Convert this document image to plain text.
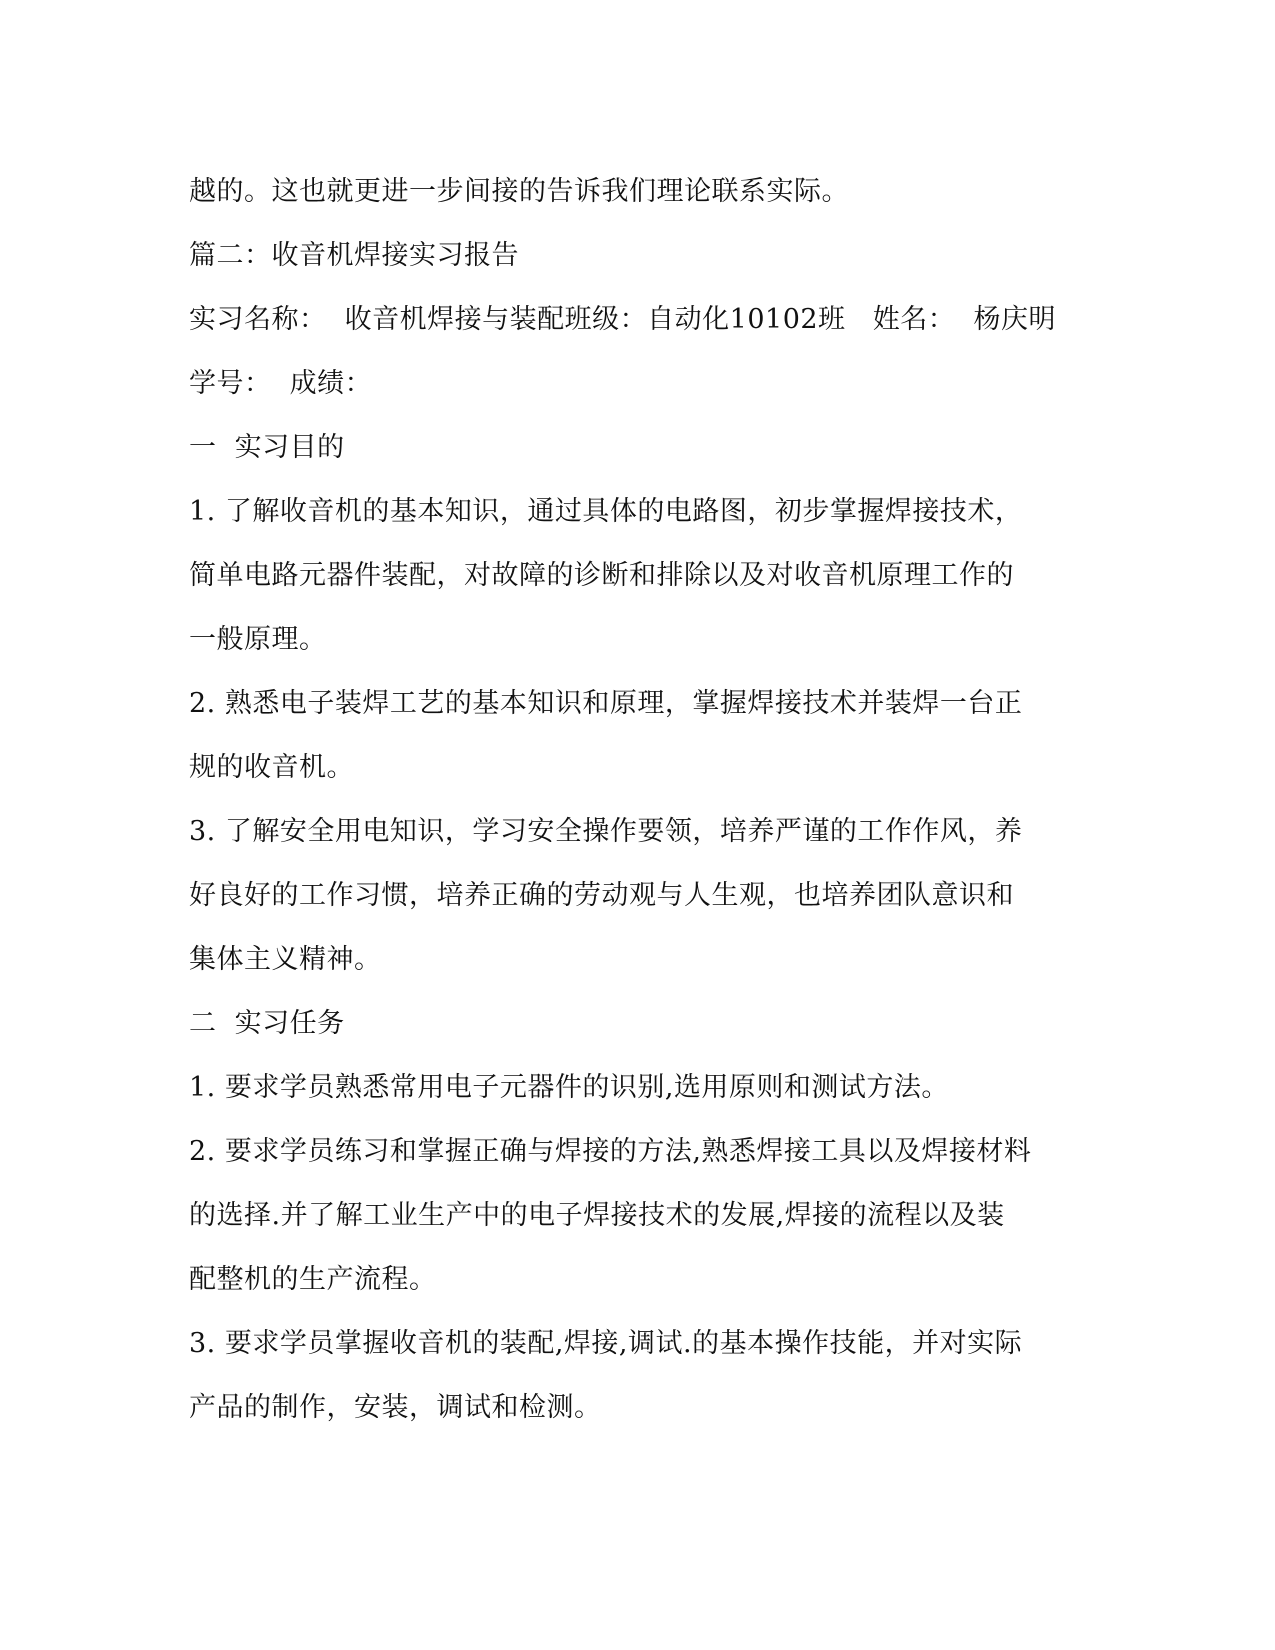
越的。这也就更进一步间接的告诉我们理论联系实际。
篇二：收音机焊接实习报告
实习名称：  收音机焊接与装配班级：自动化10102班   姓名：  杨庆明
学号：  成绩：
一  实习目的
1. 了解收音机的基本知识，通过具体的电路图，初步掌握焊接技术，
简单电路元器件装配，对故障的诊断和排除以及对收音机原理工作的
一般原理。
2. 熟悉电子装焊工艺的基本知识和原理，掌握焊接技术并装焊一台正
规的收音机。
3. 了解安全用电知识，学习安全操作要领，培养严谨的工作作风，养
好良好的工作习惯，培养正确的劳动观与人生观，也培养团队意识和
集体主义精神。
二  实习任务
1. 要求学员熟悉常用电子元器件的识别,选用原则和测试方法。
2. 要求学员练习和掌握正确与焊接的方法,熟悉焊接工具以及焊接材料
的选择.并了解工业生产中的电子焊接技术的发展,焊接的流程以及装
配整机的生产流程。
3. 要求学员掌握收音机的装配,焊接,调试.的基本操作技能，并对实际
产品的制作，安装，调试和检测。
